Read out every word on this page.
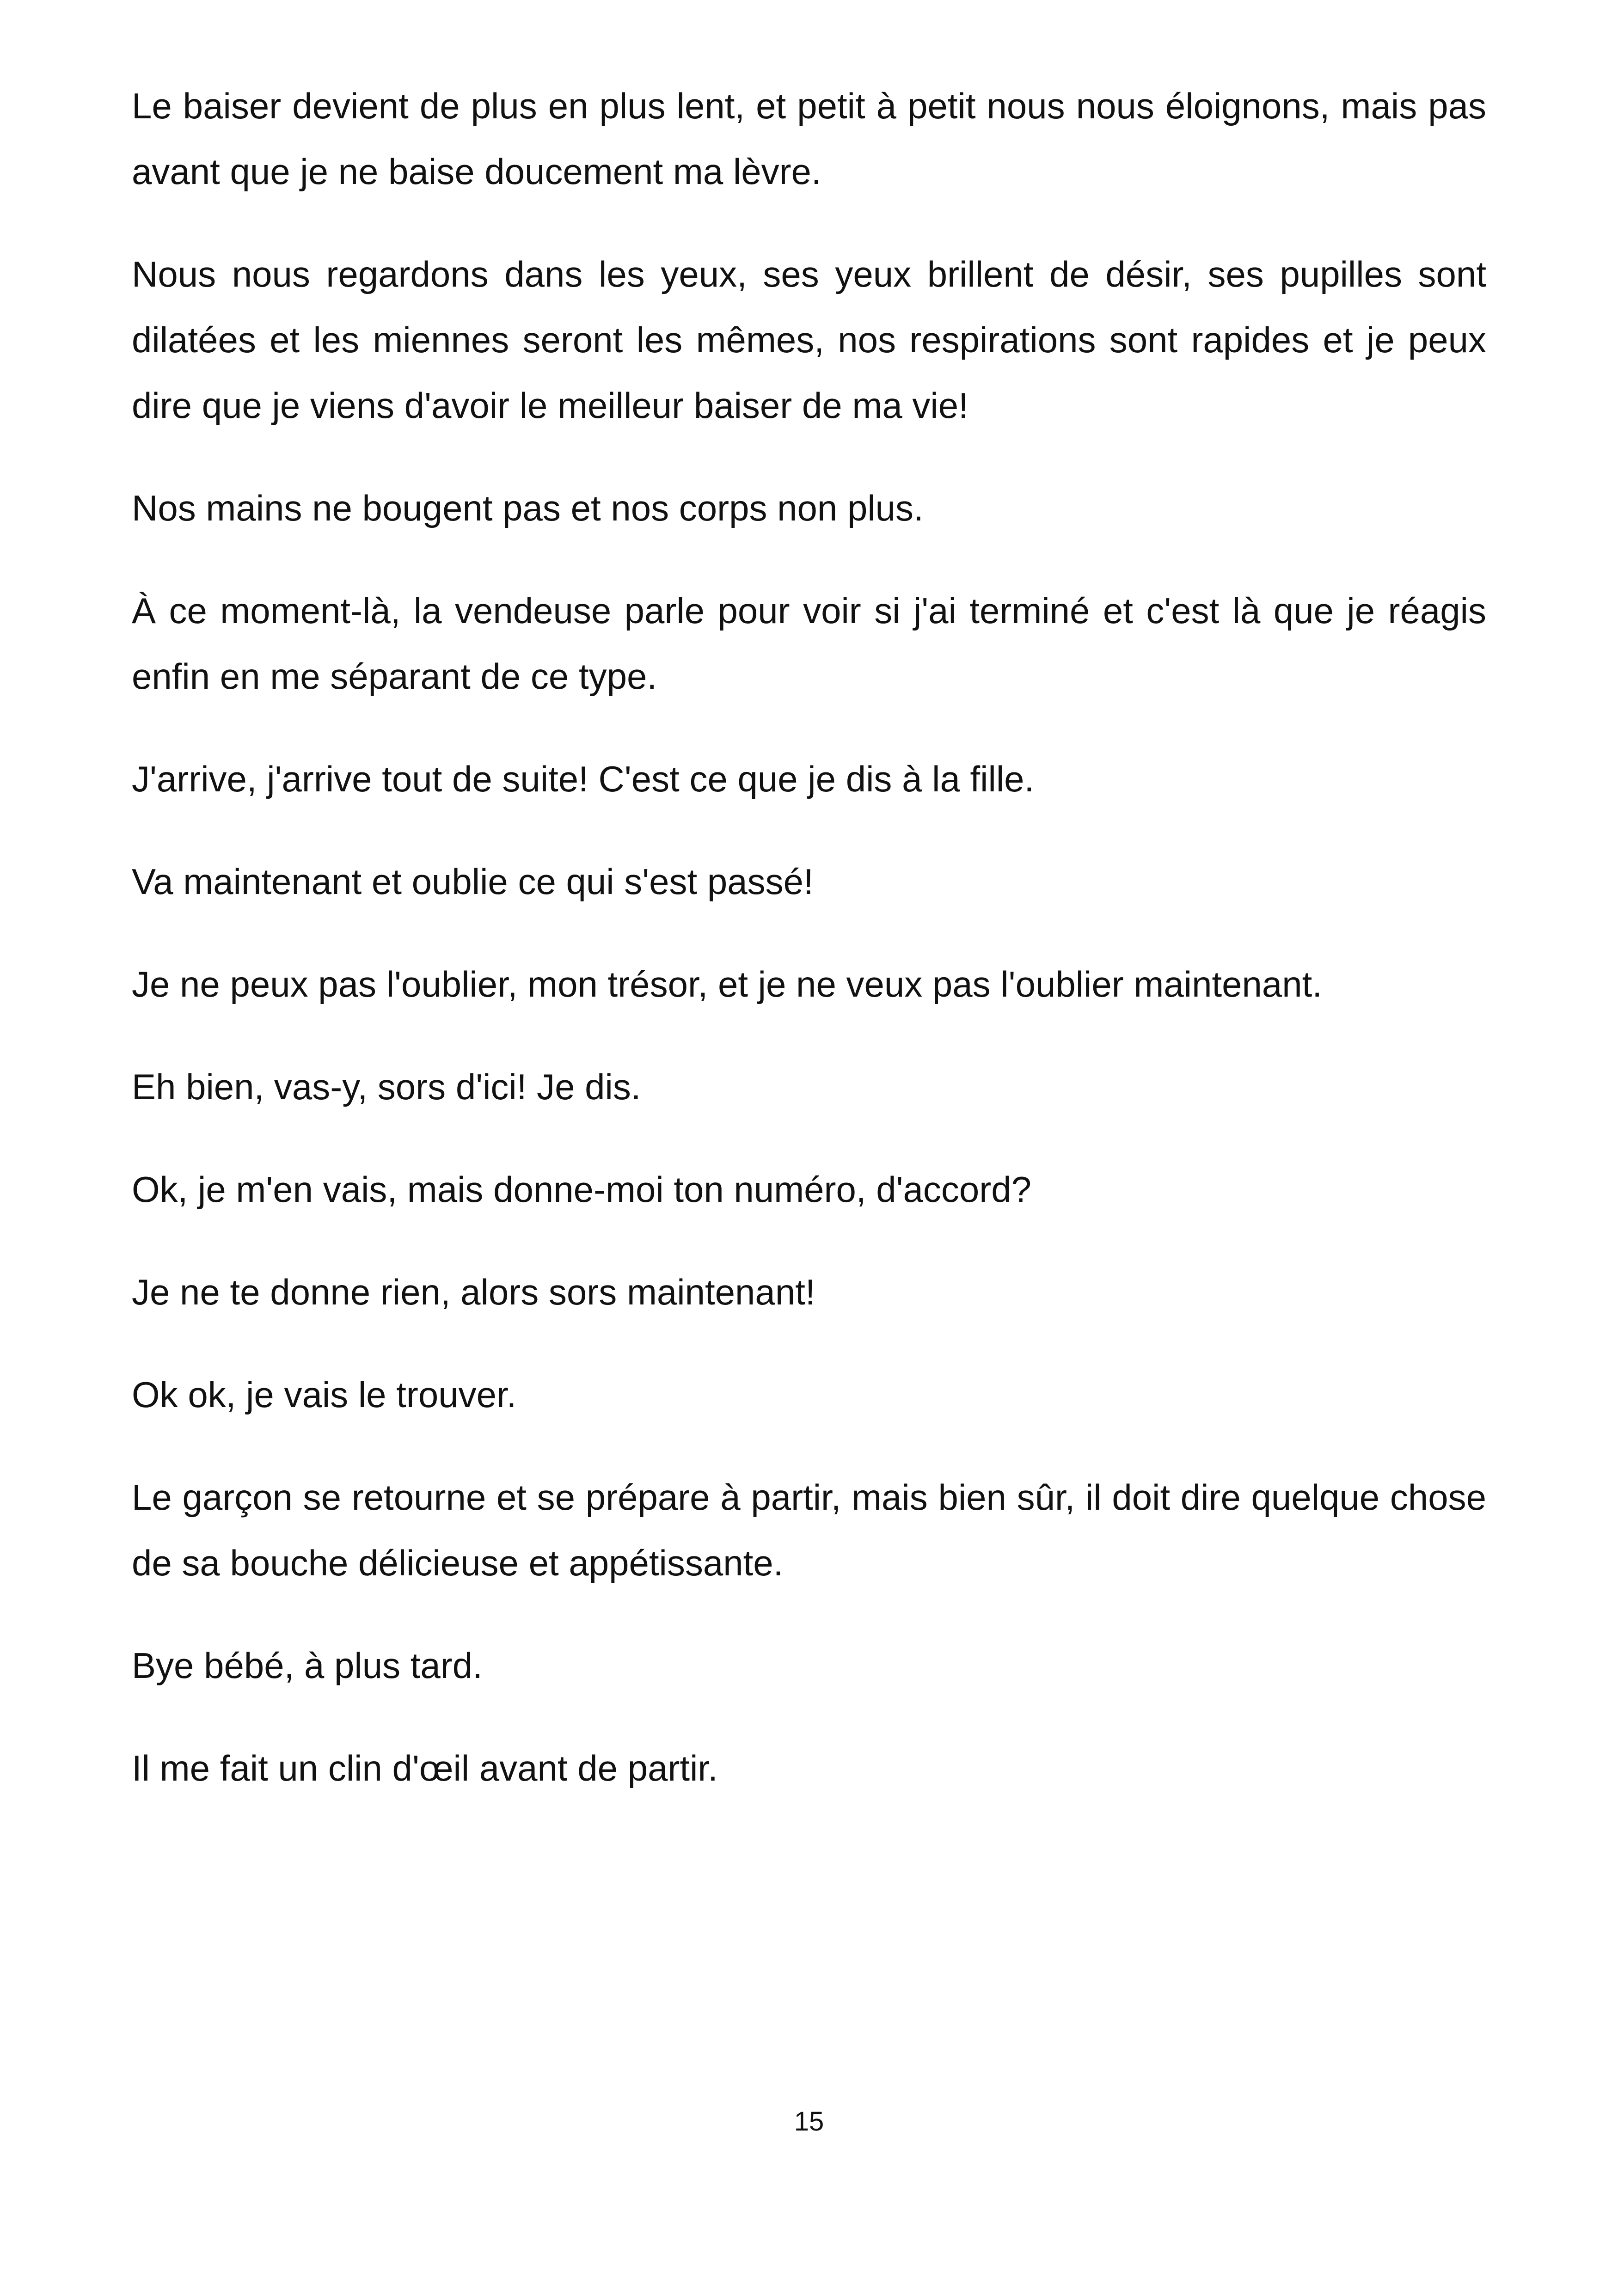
Le baiser devient de plus en plus lent, et petit à petit nous nous éloignons, mais pas avant que je ne baise doucement ma lèvre.

Nous nous regardons dans les yeux, ses yeux brillent de désir, ses pupilles sont dilatées et les miennes seront les mêmes, nos respirations sont rapides et je peux dire que je viens d'avoir le meilleur baiser de ma vie!

Nos mains ne bougent pas et nos corps non plus.

À ce moment-là, la vendeuse parle pour voir si j'ai terminé et c'est là que je réagis enfin en me séparant de ce type.

J'arrive, j'arrive tout de suite! C'est ce que je dis à la fille.

Va maintenant et oublie ce qui s'est passé!

Je ne peux pas l'oublier, mon trésor, et je ne veux pas l'oublier maintenant.

Eh bien, vas-y, sors d'ici! Je dis.

Ok, je m'en vais, mais donne-moi ton numéro, d'accord?

Je ne te donne rien, alors sors maintenant!

Ok ok, je vais le trouver.

Le garçon se retourne et se prépare à partir, mais bien sûr, il doit dire quelque chose de sa bouche délicieuse et appétissante.

Bye bébé, à plus tard.

Il me fait un clin d'œil avant de partir.

15
